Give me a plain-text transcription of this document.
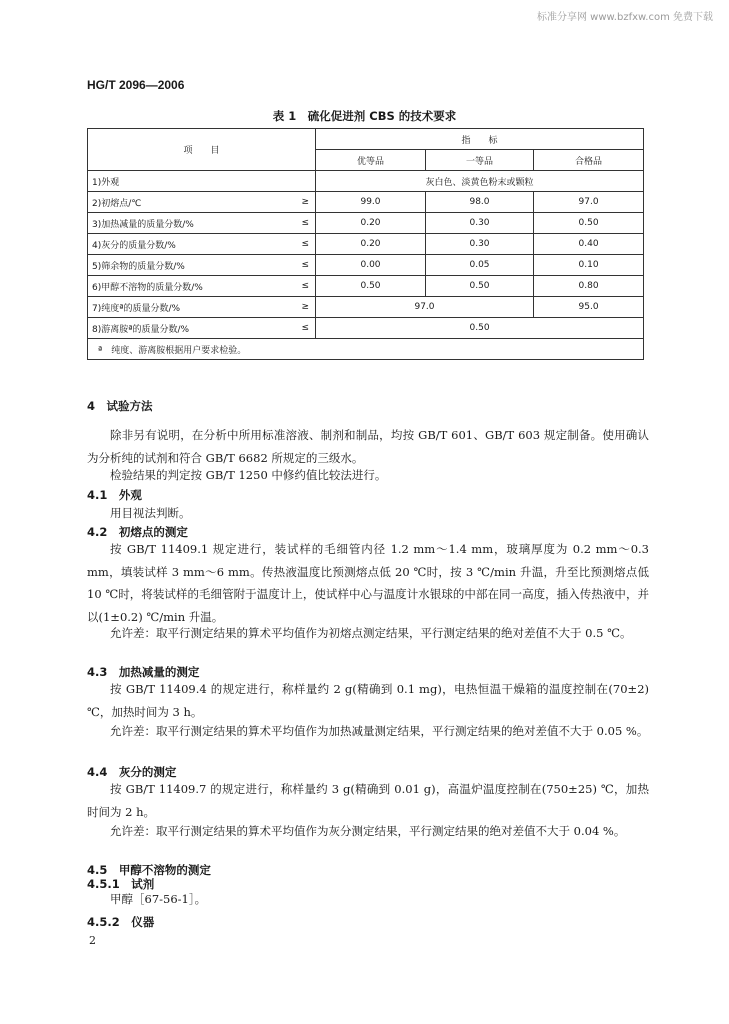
标准分享网 www.bzfxw.com 免费下载
HG/T 2096—2006
表 1　硫化促进剂 CBS 的技术要求
项　　目		指　　标		
		优等品	一等品	合格品
1)外观		灰白色、淡黄色粉末或颗粒		
2)初熔点/℃	≥	99.0	98.0	97.0
3)加热减量的质量分数/%	≤	0.20	0.30	0.50
4)灰分的质量分数/%	≤	0.20	0.30	0.40
5)筛余物的质量分数/%	≤	0.00	0.05	0.10
6)甲醇不溶物的质量分数/%	≤	0.50	0.50	0.80
7)纯度ª的质量分数/%	≥	97.0		95.0
8)游离胺ª的质量分数/%	≤	0.50		
ª　纯度、游离胺根据用户要求检验。				
4　试验方法

除非另有说明，在分析中所用标准溶液、制剂和制品，均按 GB/T 601、GB/T 603 规定制备。使用确认为分析纯的试剂和符合 GB/T 6682 所规定的三级水。

检验结果的判定按 GB/T 1250 中修约值比较法进行。

4.1　外观

用目视法判断。

4.2　初熔点的测定

按 GB/T 11409.1 规定进行，装试样的毛细管内径 1.2 mm～1.4 mm，玻璃厚度为 0.2 mm～0.3 mm，填装试样 3 mm～6 mm。传热液温度比预测熔点低 20 ℃时，按 3 ℃/min 升温，升至比预测熔点低 10 ℃时，将装试样的毛细管附于温度计上，使试样中心与温度计水银球的中部在同一高度，插入传热液中，并以(1±0.2) ℃/min 升温。

允许差：取平行测定结果的算术平均值作为初熔点测定结果，平行测定结果的绝对差值不大于 0.5 ℃。

4.3　加热减量的测定

按 GB/T 11409.4 的规定进行，称样量约 2 g(精确到 0.1 mg)，电热恒温干燥箱的温度控制在(70±2) ℃，加热时间为 3 h。

允许差：取平行测定结果的算术平均值作为加热减量测定结果，平行测定结果的绝对差值不大于 0.05 %。

4.4　灰分的测定

按 GB/T 11409.7 的规定进行，称样量约 3 g(精确到 0.01 g)，高温炉温度控制在(750±25) ℃，加热时间为 2 h。

允许差：取平行测定结果的算术平均值作为灰分测定结果，平行测定结果的绝对差值不大于 0.04 %。

4.5　甲醇不溶物的测定
4.5.1　试剂

甲醇［67-56-1］。

4.5.2　仪器
2
